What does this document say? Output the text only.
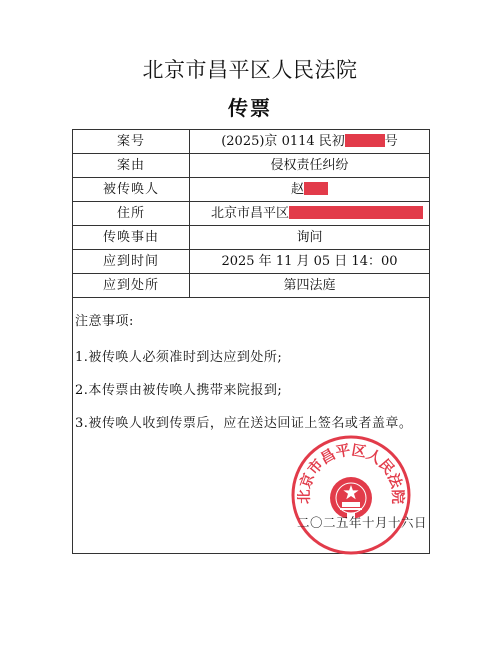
北京市昌平区人民法院
传票
案号	(2025)京 0114 民初	号
案由	侵权责任纠纷
被传唤人	赵
住所	北京市昌平区
传唤事由	询问
应到时间	2025 年 11 月 05 日 14：00
应到处所	第四法庭
注意事项:
1.被传唤人必须准时到达应到处所;
2.本传票由被传唤人携带来院报到;
3.被传唤人收到传票后，应在送达回证上签名或者盖章。
北京市昌平区人民法院
二〇二五年十月十六日
